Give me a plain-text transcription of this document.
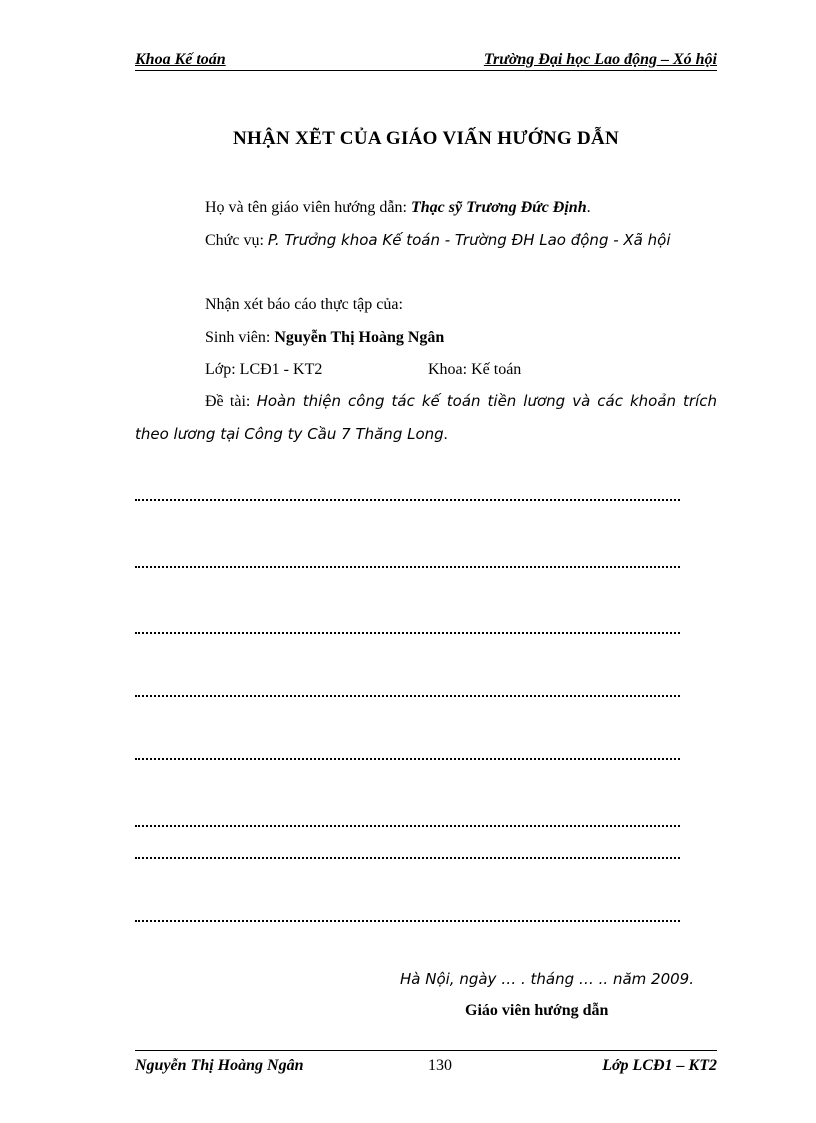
Khoa Kế toán	Trường Đại học Lao động – Xó hội
NHẬN XẼT CỦA GIÁO VIẤN HƯỚNG DẪN
Họ và tên giáo viên hướng dẫn: Thạc sỹ Trương Đức Định.
Chức vụ: P. Trưởng khoa Kế toán - Trường ĐH Lao động - Xã hội
Nhận xét báo cáo thực tập của:
Sinh viên: Nguyễn Thị Hoàng Ngân
Lớp: LCĐ1 - KT2	Khoa: Kế toán
Đề tài: Hoàn thiện công tác kế toán tiền lương và các khoản trích theo lương tại Công ty Cầu 7 Thăng Long.
Hà Nội, ngày … . tháng … .. năm 2009.
Giáo viên hướng dẫn
Nguyễn Thị Hoàng Ngân	130	Lớp LCĐ1 – KT2
